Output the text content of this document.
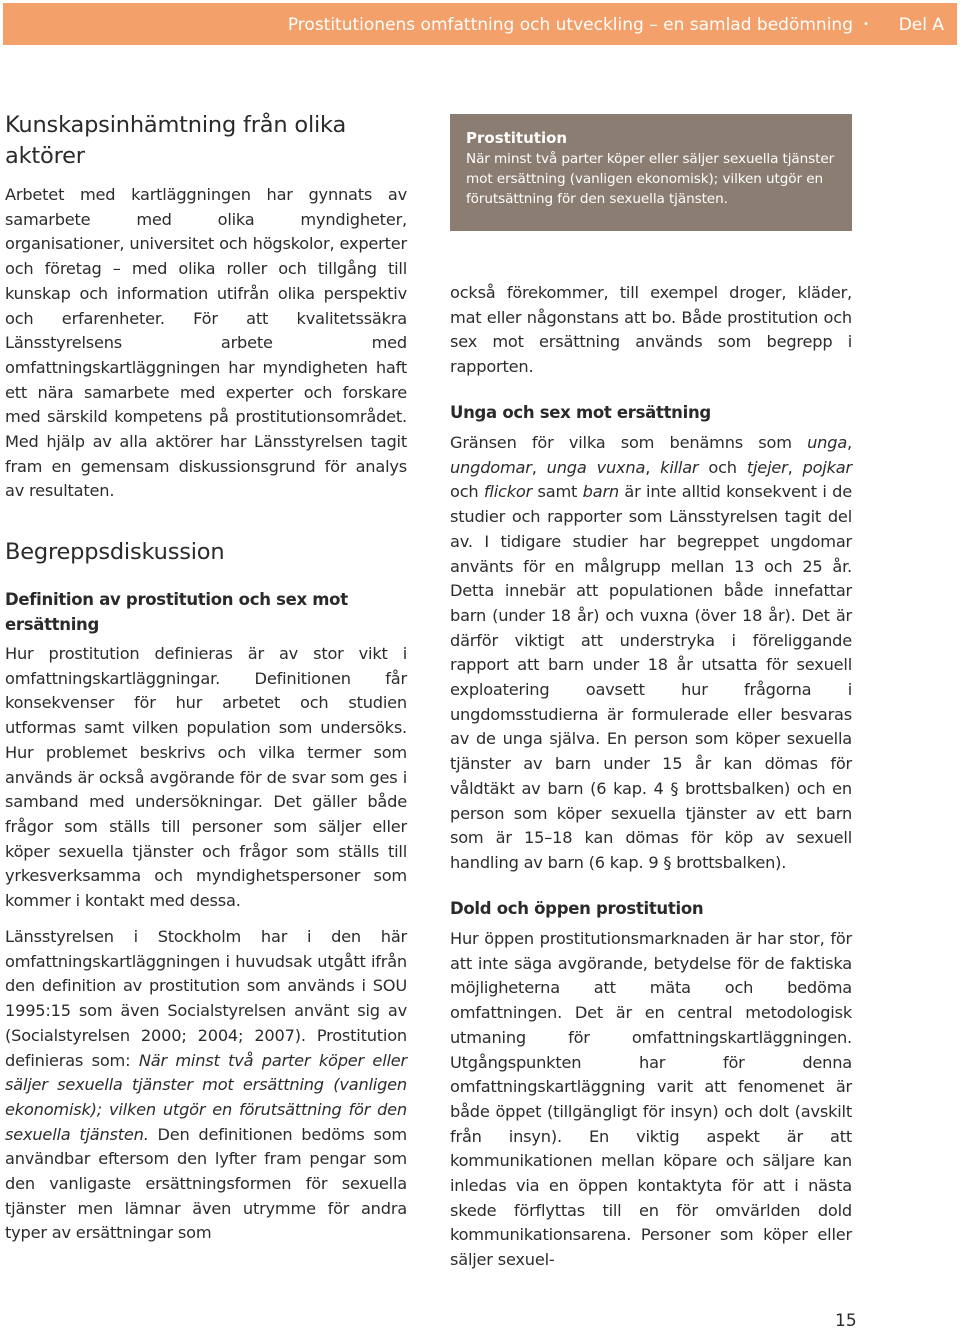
Prostitutionens omfattning och utveckling – en samlad bedömning • Del A
Kunskapsinhämtning från olika aktörer

Arbetet med kartläggningen har gynnats av samarbete med olika myndigheter, organisationer, universitet och högskolor, experter och företag – med olika roller och tillgång till kunskap och information utifrån olika perspektiv och erfarenheter. För att kvalitetssäkra Länsstyrelsens arbete med omfattningskartläggningen har myndigheten haft ett nära samarbete med experter och forskare med särskild kompetens på prostitutionsområdet. Med hjälp av alla aktörer har Länsstyrelsen tagit fram en gemensam diskussionsgrund för analys av resultaten.

Begreppsdiskussion
Definition av prostitution och sex mot ersättning

Hur prostitution definieras är av stor vikt i omfattningskartläggningar. Definitionen får konsekvenser för hur arbetet och studien utformas samt vilken population som undersöks. Hur problemet beskrivs och vilka termer som används är också avgörande för de svar som ges i samband med undersökningar. Det gäller både frågor som ställs till personer som säljer eller köper sexuella tjänster och frågor som ställs till yrkesverksamma och myndighetspersoner som kommer i kontakt med dessa.

Länsstyrelsen i Stockholm har i den här omfattningskartläggningen i huvudsak utgått ifrån den definition av prostitution som används i SOU 1995:15 som även Socialstyrelsen använt sig av (Socialstyrelsen 2000; 2004; 2007). Prostitution definieras som: När minst två parter köper eller säljer sexuella tjänster mot ersättning (vanligen ekonomisk); vilken utgör en förutsättning för den sexuella tjänsten. Den definitionen bedöms som användbar eftersom den lyfter fram pengar som den vanligaste ersättningsformen för sexuella tjänster men lämnar även utrymme för andra typer av ersättningar som

Prostitution
När minst två parter köper eller säljer sexuella tjänster mot ersättning (vanligen ekonomisk); vilken utgör en förutsättning för den sexuella tjänsten.

också förekommer, till exempel droger, kläder, mat eller någonstans att bo. Både prostitution och sex mot ersättning används som begrepp i rapporten.

Unga och sex mot ersättning

Gränsen för vilka som benämns som unga, ungdomar, unga vuxna, killar och tjejer, pojkar och flickor samt barn är inte alltid konsekvent i de studier och rapporter som Länsstyrelsen tagit del av. I tidigare studier har begreppet ungdomar använts för en målgrupp mellan 13 och 25 år. Detta innebär att populationen både innefattar barn (under 18 år) och vuxna (över 18 år). Det är därför viktigt att understryka i föreliggande rapport att barn under 18 år utsatta för sexuell exploatering oavsett hur frågorna i ungdomsstudierna är formulerade eller besvaras av de unga själva. En person som köper sexuella tjänster av barn under 15 år kan dömas för våldtäkt av barn (6 kap. 4 § brottsbalken) och en person som köper sexuella tjänster av ett barn som är 15–18 kan dömas för köp av sexuell handling av barn (6 kap. 9 § brottsbalken).

Dold och öppen prostitution

Hur öppen prostitutionsmarknaden är har stor, för att inte säga avgörande, betydelse för de faktiska möjligheterna att mäta och bedöma omfattningen. Det är en central metodologisk utmaning för omfattningskartläggningen. Utgångspunkten har för denna omfattningskartläggning varit att fenomenet är både öppet (tillgängligt för insyn) och dolt (avskilt från insyn). En viktig aspekt är att kommunikationen mellan köpare och säljare kan inledas via en öppen kontaktyta för att i nästa skede förflyttas till en för omvärlden dold kommunikationsarena. Personer som köper eller säljer sexuel-

15
